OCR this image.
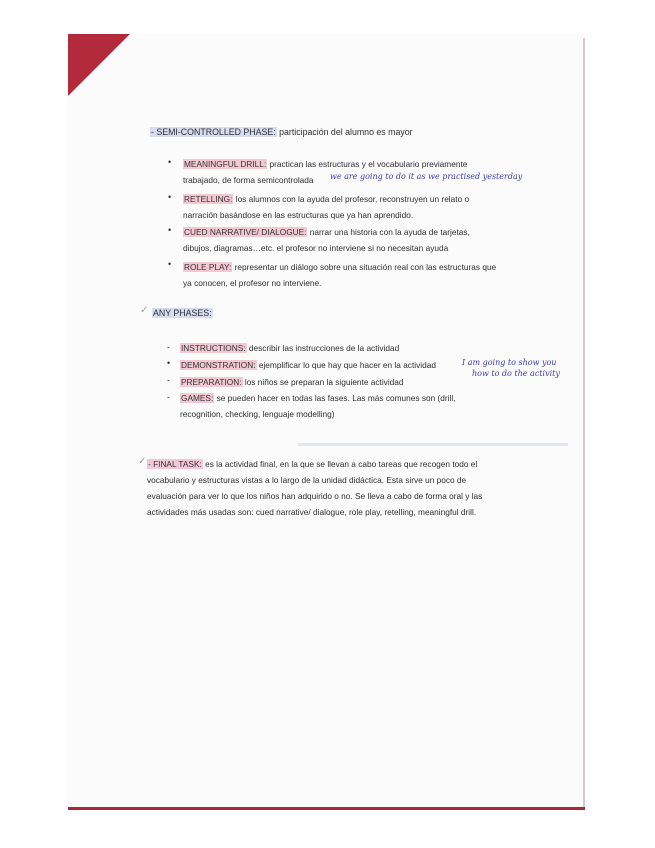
- SEMI-CONTROLLED PHASE: participación del alumno es mayor
• MEANINGFUL DRILL: practican las estructuras y el vocabulario previamente
trabajado, de forma semicontrolada we are going to do it as we practised yesterday
• RETELLING: los alumnos con la ayuda del profesor, reconstruyen un relato o
narración basándose en las estructuras que ya han aprendido.
• CUED NARRATIVE/ DIALOGUE: narrar una historia con la ayuda de tarjetas,
dibujos, diagramas…etc. el profesor no interviene si no necesitan ayuda
• ROLE PLAY: representar un diálogo sobre una situación real con las estructuras que
ya conocen, el profesor no interviene.
✓ ANY PHASES:
- INSTRUCTIONS: describir las instrucciones de la actividad
• DEMONSTRATION: ejemplificar lo que hay que hacer en la actividad	I am going to show you
how to do the activity
- PREPARATION: los niños se preparan la siguiente actividad
- GAMES: se pueden hacer en todas las fases. Las más comunes son (drill,
recognition, checking, lenguaje modelling)
✓ - FINAL TASK: es la actividad final, en la que se llevan a cabo tareas que recogen todo el
vocabulario y estructuras vistas a lo largo de la unidad didáctica. Esta sirve un poco de
evaluación para ver lo que los niños han adquirido o no. Se lleva a cabo de forma oral y las
actividades más usadas son: cued narrative/ dialogue, role play, retelling, meaningful drill.
